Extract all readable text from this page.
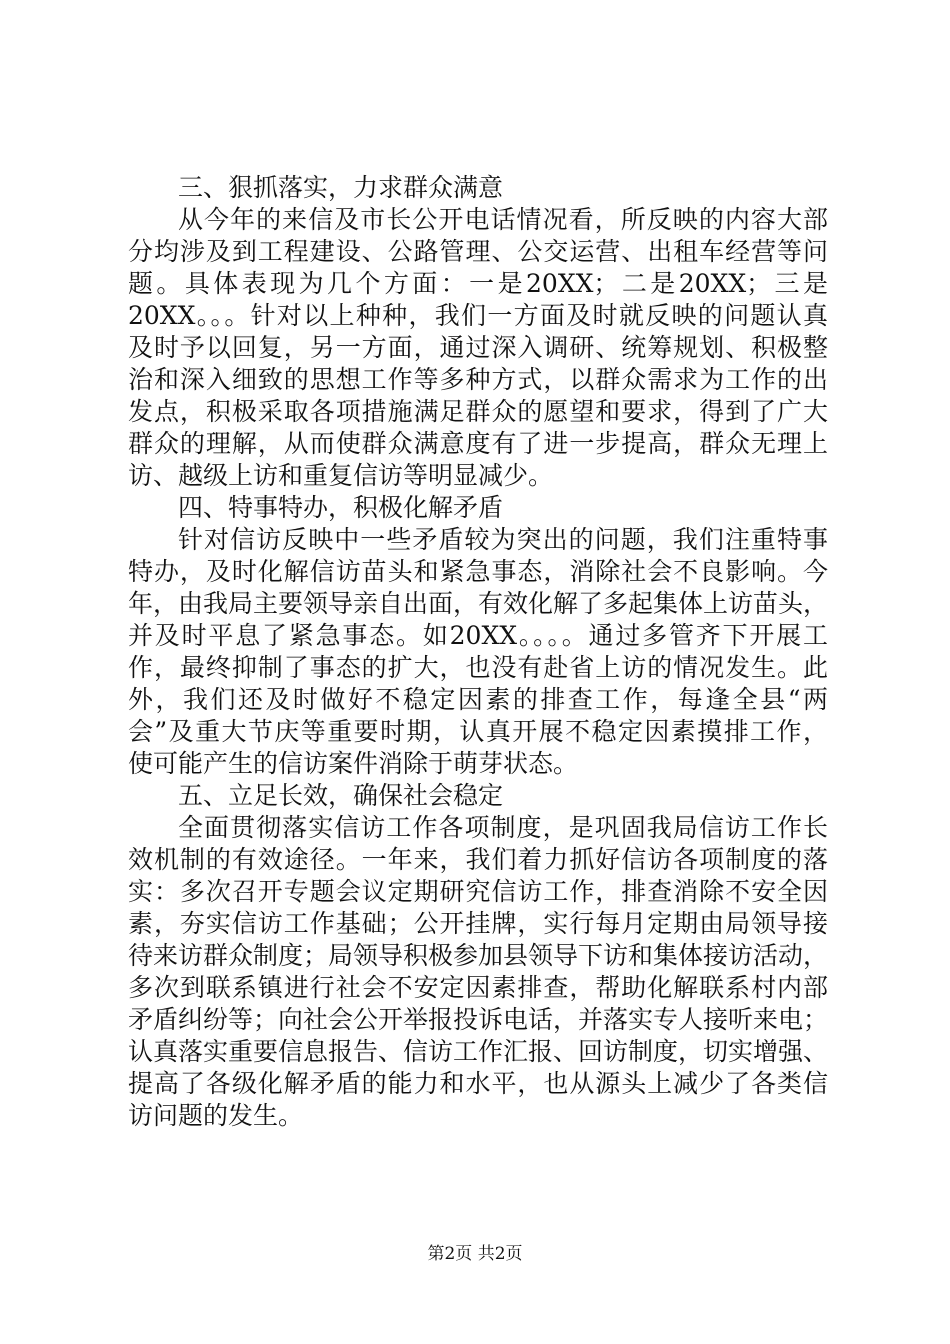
三、狠抓落实，力求群众满意
从今年的来信及市长公开电话情况看，所反映的内容大部
分均涉及到工程建设、公路管理、公交运营、出租车经营等问
题。具体表现为几个方面：一是20XX；二是20XX；三是
20XX。。。针对以上种种，我们一方面及时就反映的问题认真
及时予以回复，另一方面，通过深入调研、统筹规划、积极整
治和深入细致的思想工作等多种方式，以群众需求为工作的出
发点，积极采取各项措施满足群众的愿望和要求，得到了广大
群众的理解，从而使群众满意度有了进一步提高，群众无理上
访、越级上访和重复信访等明显减少。
四、特事特办，积极化解矛盾
针对信访反映中一些矛盾较为突出的问题，我们注重特事
特办，及时化解信访苗头和紧急事态，消除社会不良影响。今
年，由我局主要领导亲自出面，有效化解了多起集体上访苗头，
并及时平息了紧急事态。如20XX。。。。通过多管齐下开展工
作，最终抑制了事态的扩大，也没有赴省上访的情况发生。此
外，我们还及时做好不稳定因素的排查工作，每逢全县“两
会”及重大节庆等重要时期，认真开展不稳定因素摸排工作，
使可能产生的信访案件消除于萌芽状态。
五、立足长效，确保社会稳定
全面贯彻落实信访工作各项制度，是巩固我局信访工作长
效机制的有效途径。一年来，我们着力抓好信访各项制度的落
实：多次召开专题会议定期研究信访工作，排查消除不安全因
素，夯实信访工作基础；公开挂牌，实行每月定期由局领导接
待来访群众制度；局领导积极参加县领导下访和集体接访活动，
多次到联系镇进行社会不安定因素排查，帮助化解联系村内部
矛盾纠纷等；向社会公开举报投诉电话，并落实专人接听来电；
认真落实重要信息报告、信访工作汇报、回访制度，切实增强、
提高了各级化解矛盾的能力和水平，也从源头上减少了各类信
访问题的发生。
第2页 共2页
